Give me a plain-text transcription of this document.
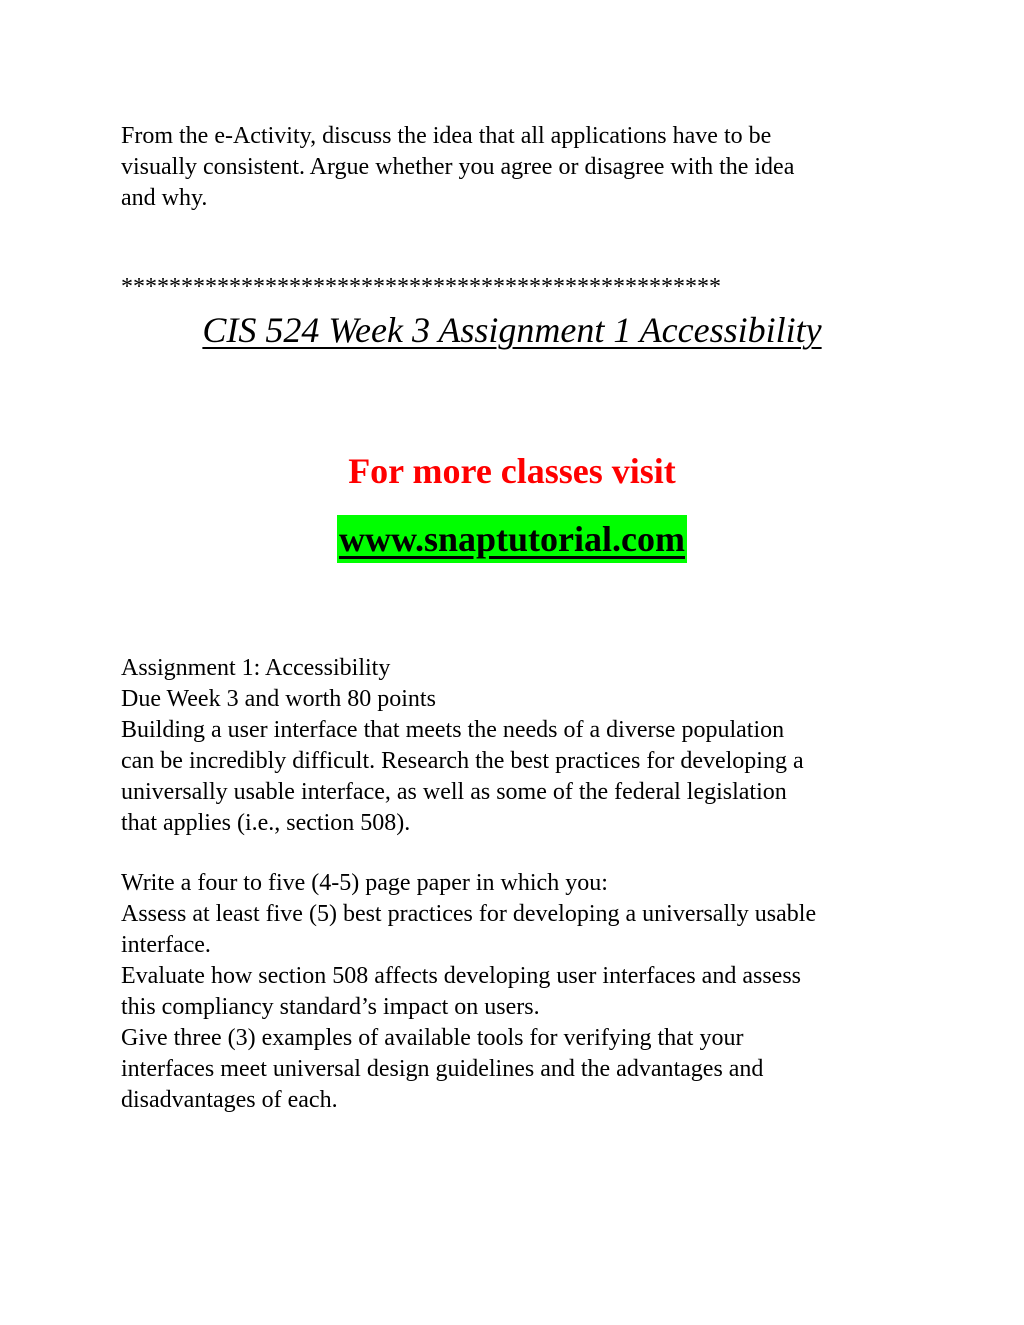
From the e-Activity, discuss the idea that all applications have to be
visually consistent. Argue whether you agree or disagree with the idea
and why.

**************************************************
CIS 524 Week 3 Assignment 1 Accessibility
For more classes visit
www.snaptutorial.com

Assignment 1: Accessibility
Due Week 3 and worth 80 points
Building a user interface that meets the needs of a diverse population
can be incredibly difficult. Research the best practices for developing a
universally usable interface, as well as some of the federal legislation
that applies (i.e., section 508).

Write a four to five (4-5) page paper in which you:
Assess at least five (5) best practices for developing a universally usable
interface.
Evaluate how section 508 affects developing user interfaces and assess
this compliancy standard’s impact on users.
Give three (3) examples of available tools for verifying that your
interfaces meet universal design guidelines and the advantages and
disadvantages of each.
